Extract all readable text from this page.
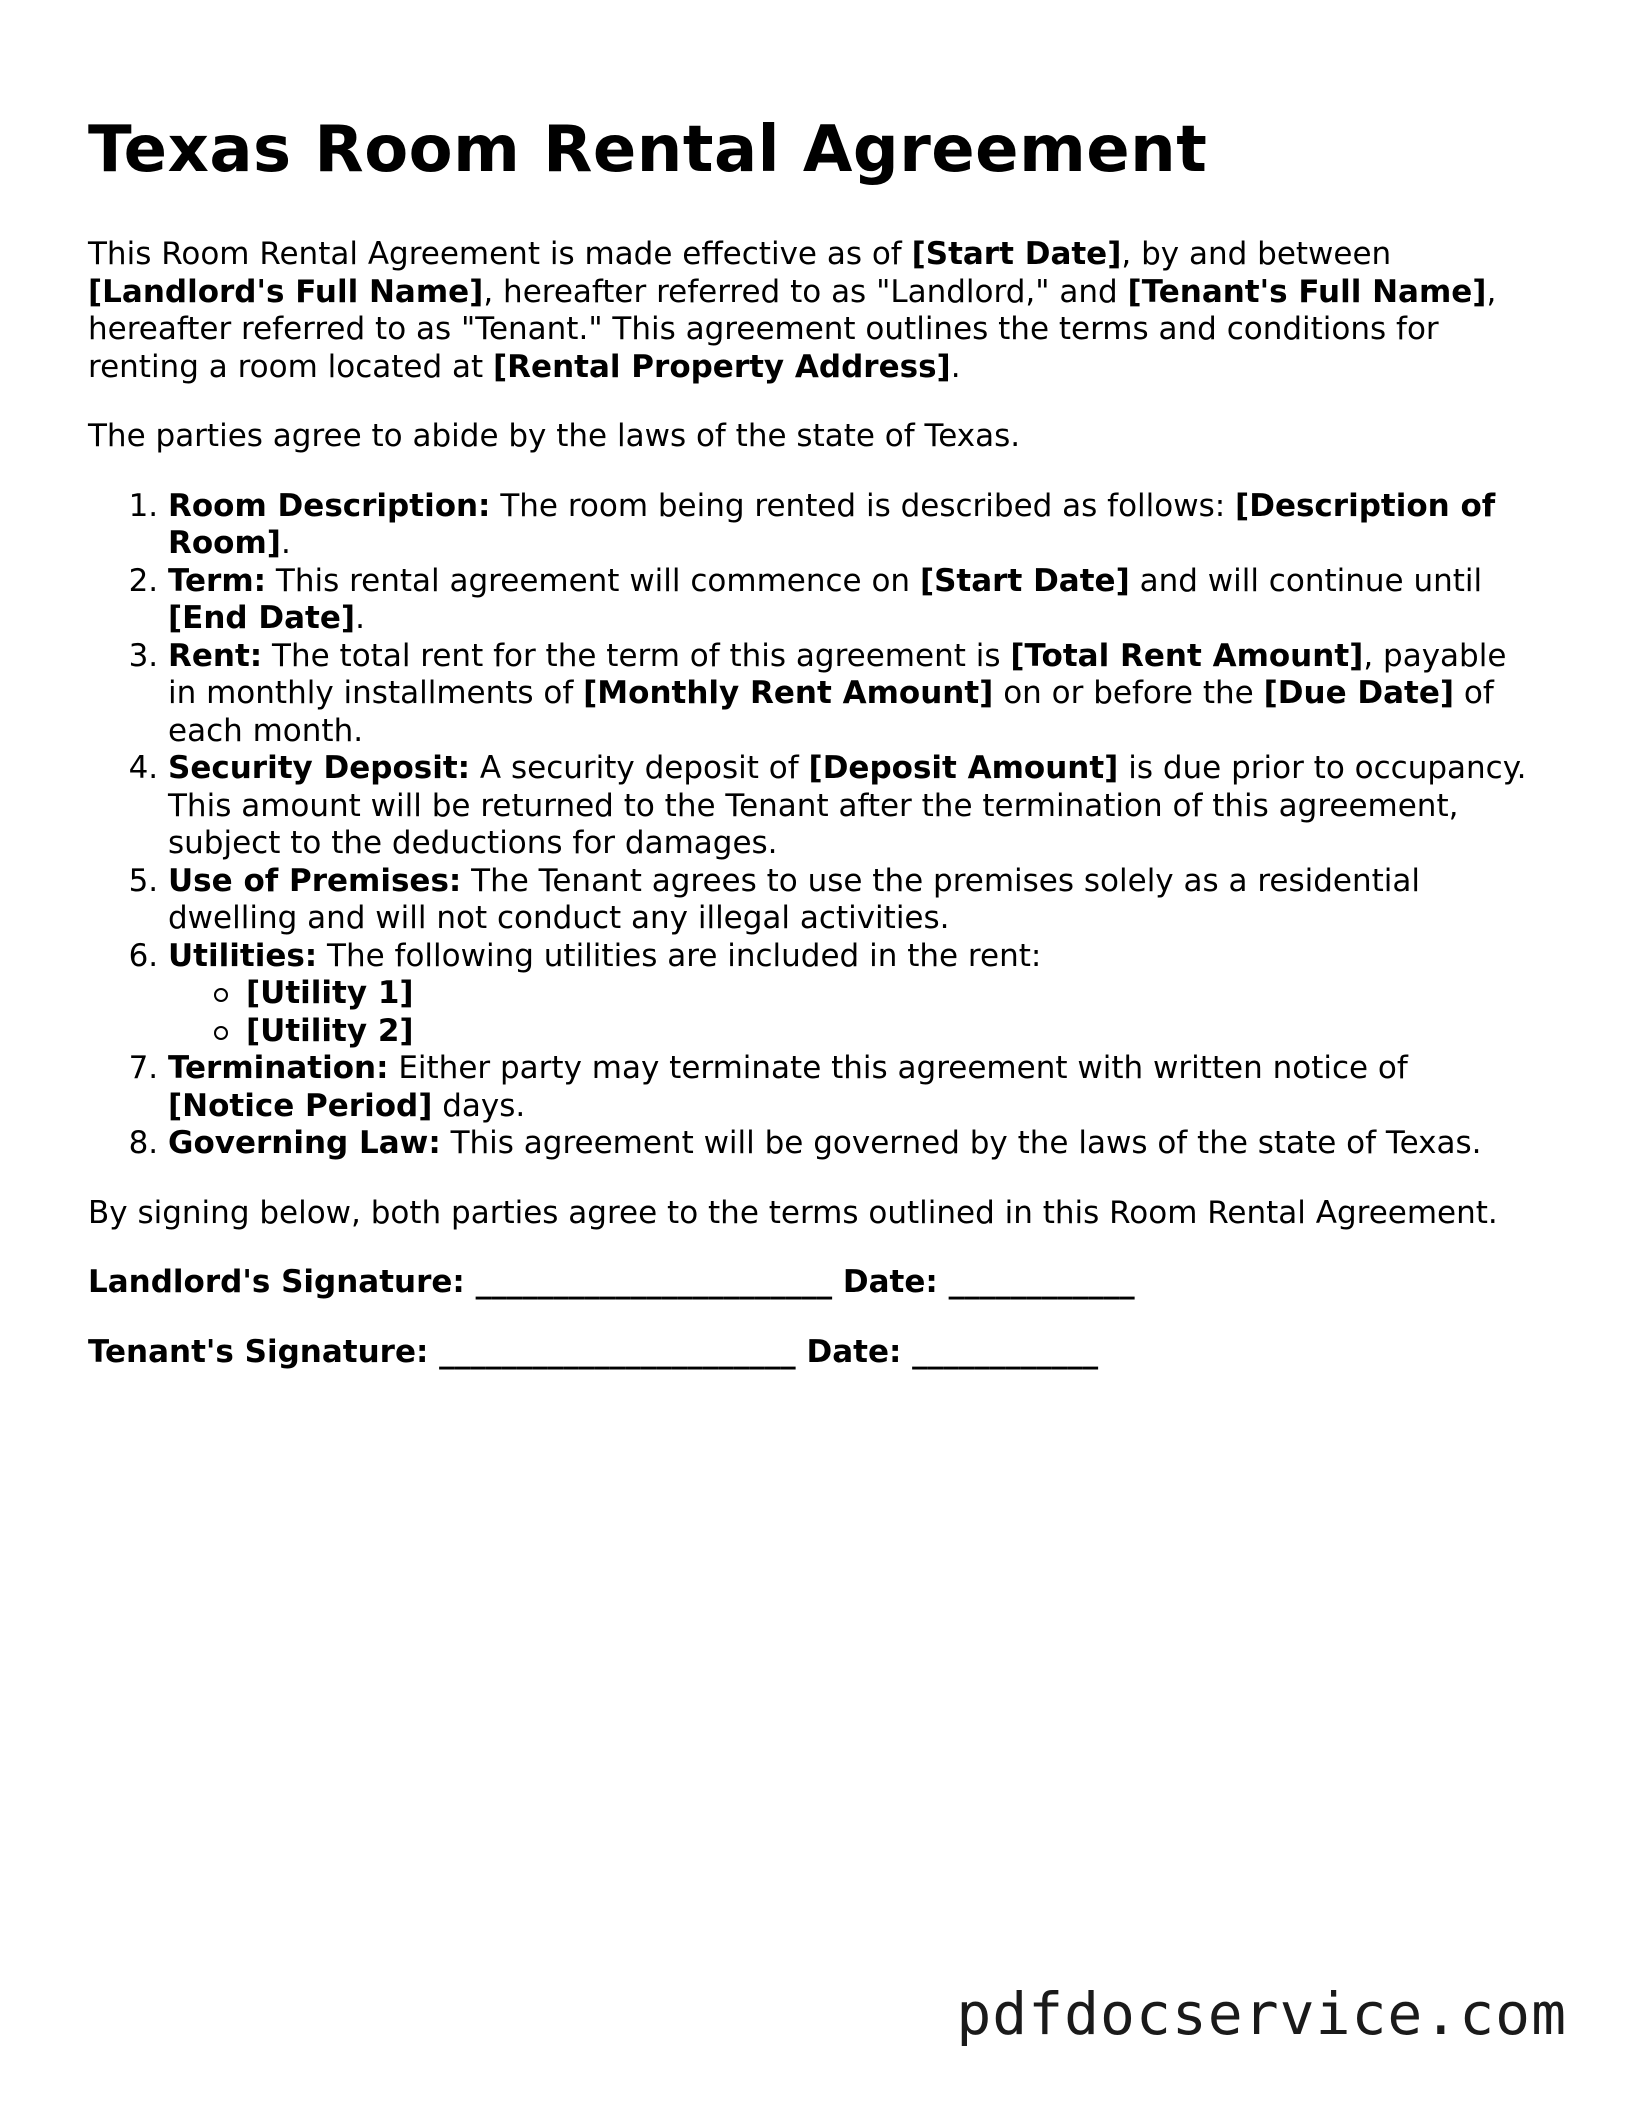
Texas Room Rental Agreement

This Room Rental Agreement is made effective as of [Start Date], by and between [Landlord's Full Name], hereafter referred to as "Landlord," and [Tenant's Full Name], hereafter referred to as "Tenant." This agreement outlines the terms and conditions for renting a room located at [Rental Property Address].

The parties agree to abide by the laws of the state of Texas.

1. Room Description: The room being rented is described as follows: [Description of Room].
2. Term: This rental agreement will commence on [Start Date] and will continue until [End Date].
3. Rent: The total rent for the term of this agreement is [Total Rent Amount], payable in monthly installments of [Monthly Rent Amount] on or before the [Due Date] of each month.
4. Security Deposit: A security deposit of [Deposit Amount] is due prior to occupancy. This amount will be returned to the Tenant after the termination of this agreement, subject to the deductions for damages.
5. Use of Premises: The Tenant agrees to use the premises solely as a residential dwelling and will not conduct any illegal activities.
6. Utilities: The following utilities are included in the rent:
[Utility 1]
[Utility 2]
7. Termination: Either party may terminate this agreement with written notice of [Notice Period] days.
8. Governing Law: This agreement will be governed by the laws of the state of Texas.

By signing below, both parties agree to the terms outlined in this Room Rental Agreement.

Landlord's Signature: _______________________ Date: ____________

Tenant's Signature: _______________________ Date: ____________

pdfdocservice.com
